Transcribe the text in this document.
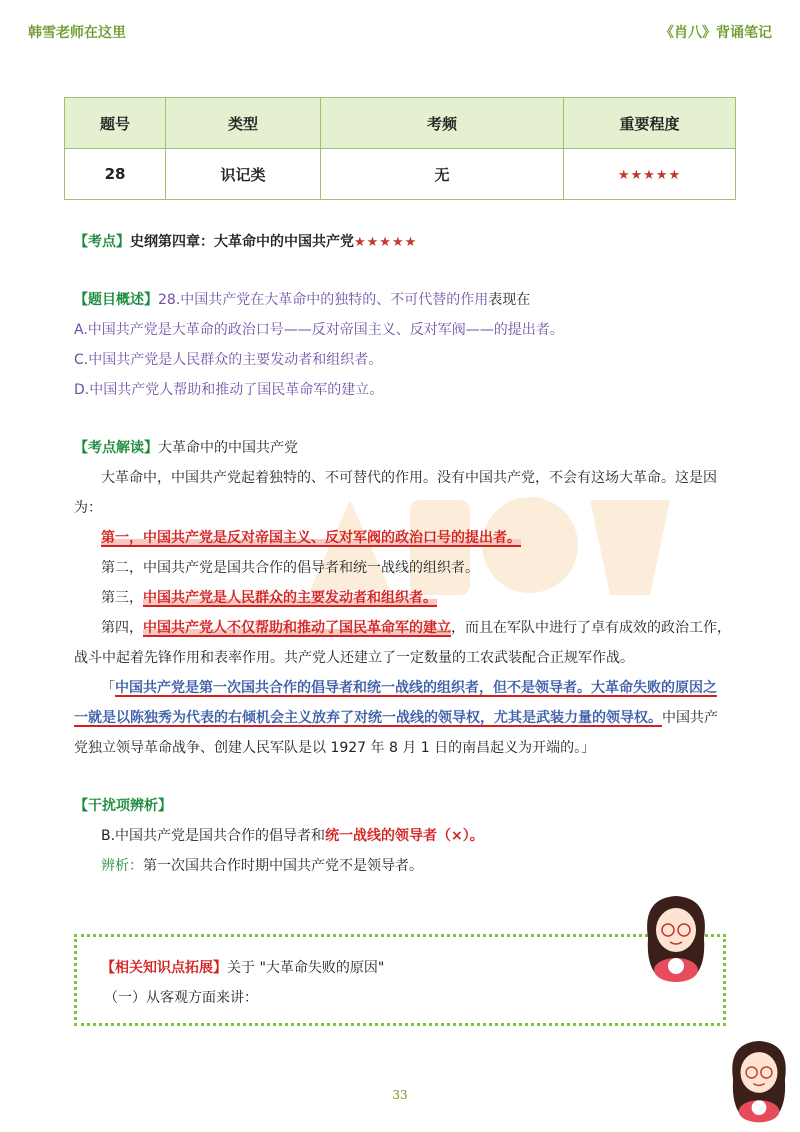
韩雪老师在这里	《肖八》背诵笔记
题号	类型	考频	重要程度
28	识记类	无	★★★★★
【考点】史纲第四章：大革命中的中国共产党★★★★★
【题目概述】28.中国共产党在大革命中的独特的、不可代替的作用表现在
A.中国共产党是大革命的政治口号——反对帝国主义、反对军阀——的提出者。
C.中国共产党是人民群众的主要发动者和组织者。
D.中国共产党人帮助和推动了国民革命军的建立。
【考点解读】大革命中的中国共产党
大革命中，中国共产党起着独特的、不可替代的作用。没有中国共产党，不会有这场大革命。这是因
为：
第一，中国共产党是反对帝国主义、反对军阀的政治口号的提出者。
第二，中国共产党是国共合作的倡导者和统一战线的组织者。
第三，中国共产党是人民群众的主要发动者和组织者。
第四，中国共产党人不仅帮助和推动了国民革命军的建立，而且在军队中进行了卓有成效的政治工作，
战斗中起着先锋作用和表率作用。共产党人还建立了一定数量的工农武装配合正规军作战。
「中国共产党是第一次国共合作的倡导者和统一战线的组织者，但不是领导者。大革命失败的原因之
一就是以陈独秀为代表的右倾机会主义放弃了对统一战线的领导权，尤其是武装力量的领导权。中国共产
党独立领导革命战争、创建人民军队是以 1927 年 8 月 1 日的南昌起义为开端的。」
【干扰项辨析】
B.中国共产党是国共合作的倡导者和统一战线的领导者（×）。
辨析：第一次国共合作时期中国共产党不是领导者。
【相关知识点拓展】关于 "大革命失败的原因"
（一）从客观方面来讲：
33
